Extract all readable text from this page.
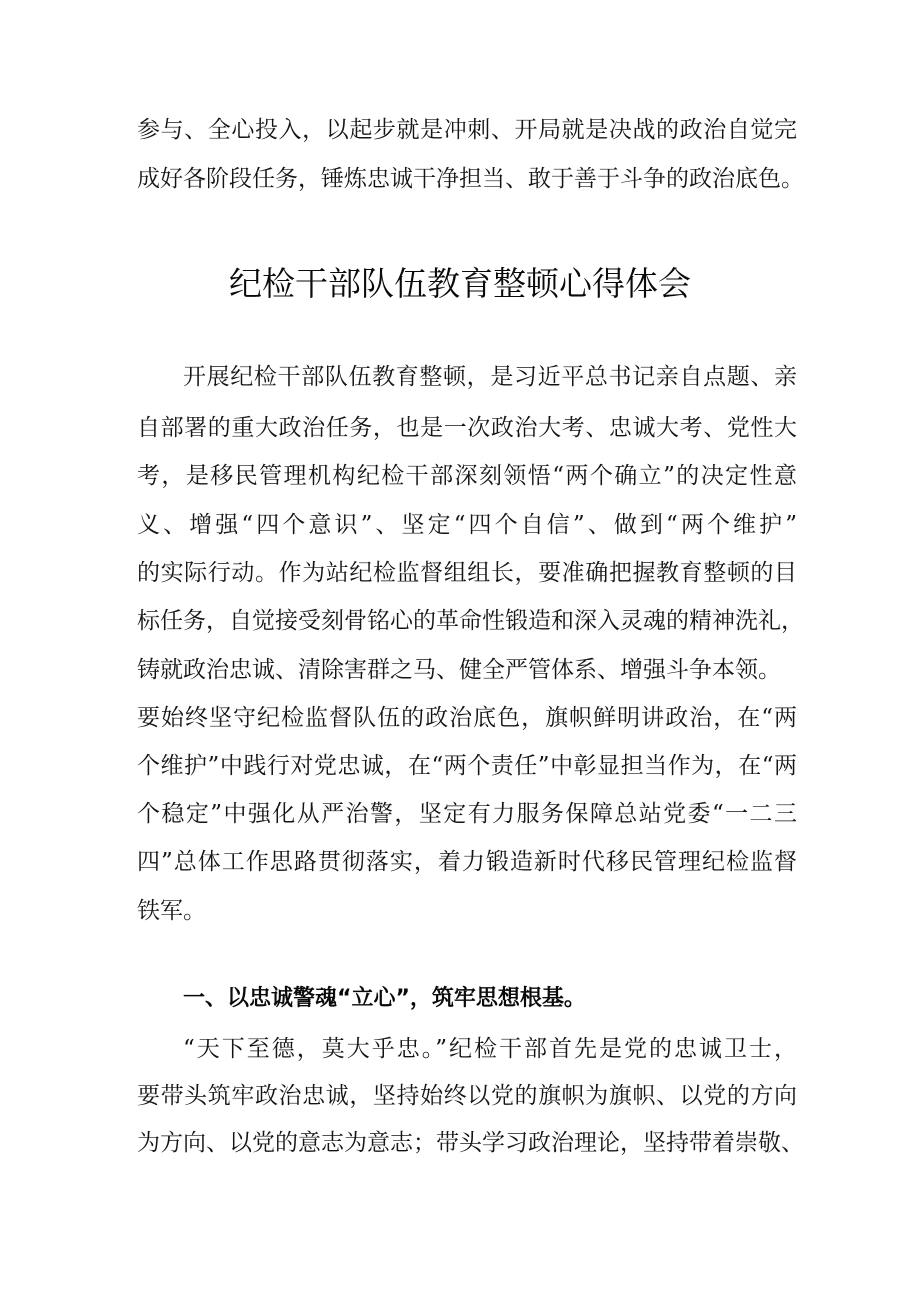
参与、全心投入，以起步就是冲刺、开局就是决战的政治自觉完
成好各阶段任务，锤炼忠诚干净担当、敢于善于斗争的政治底色。
纪检干部队伍教育整顿心得体会
开展纪检干部队伍教育整顿，是习近平总书记亲自点题、亲
自部署的重大政治任务，也是一次政治大考、忠诚大考、党性大
考，是移民管理机构纪检干部深刻领悟“两个确立”的决定性意
义、增强“四个意识”、坚定“四个自信”、做到“两个维护”
的实际行动。作为站纪检监督组组长，要准确把握教育整顿的目
标任务，自觉接受刻骨铭心的革命性锻造和深入灵魂的精神洗礼，
铸就政治忠诚、清除害群之马、健全严管体系、增强斗争本领。
要始终坚守纪检监督队伍的政治底色，旗帜鲜明讲政治，在“两
个维护”中践行对党忠诚，在“两个责任”中彰显担当作为，在“两
个稳定”中强化从严治警，坚定有力服务保障总站党委“一二三
四”总体工作思路贯彻落实，着力锻造新时代移民管理纪检监督
铁军。
一、以忠诚警魂“立心”，筑牢思想根基。
“天下至德，莫大乎忠。”纪检干部首先是党的忠诚卫士，
要带头筑牢政治忠诚，坚持始终以党的旗帜为旗帜、以党的方向
为方向、以党的意志为意志；带头学习政治理论，坚持带着崇敬、
